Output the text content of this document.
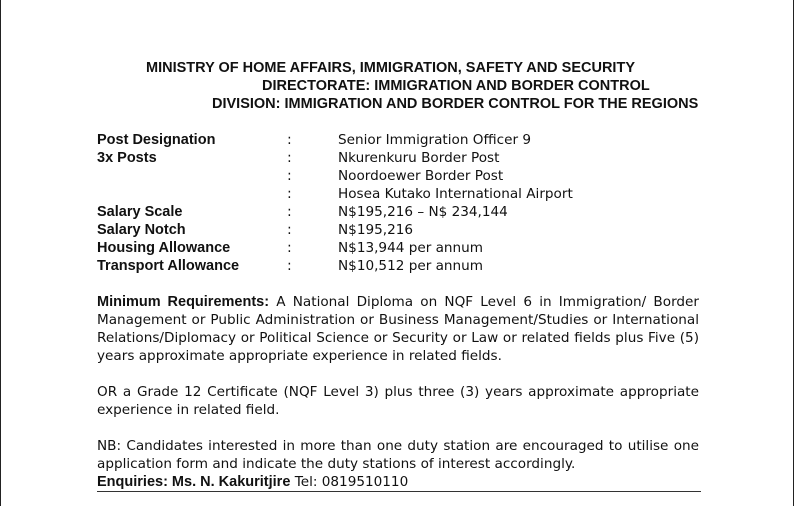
MINISTRY OF HOME AFFAIRS, IMMIGRATION, SAFETY AND SECURITY
DIRECTORATE: IMMIGRATION AND BORDER CONTROL
DIVISION: IMMIGRATION AND BORDER CONTROL FOR THE REGIONS
Post Designation	:	Senior Immigration Officer 9
3x Posts	:	Nkurenkuru Border Post
:	Noordoewer Border Post
:	Hosea Kutako International Airport
Salary Scale	:	N$195,216 – N$ 234,144
Salary Notch	:	N$195,216
Housing Allowance	:	N$13,944 per annum
Transport Allowance	:	N$10,512 per annum
Minimum Requirements: A National Diploma on NQF Level 6 in Immigration/ Border Management or Public Administration or Business Management/Studies or International Relations/Diplomacy or Political Science or Security or Law or related fields plus Five (5) years approximate appropriate experience in related fields.
OR a Grade 12 Certificate (NQF Level 3) plus three (3) years approximate appropriate experience in related field.
NB: Candidates interested in more than one duty station are encouraged to utilise one application form and indicate the duty stations of interest accordingly.
Enquiries: Ms. N. Kakuritjire Tel: 0819510110
